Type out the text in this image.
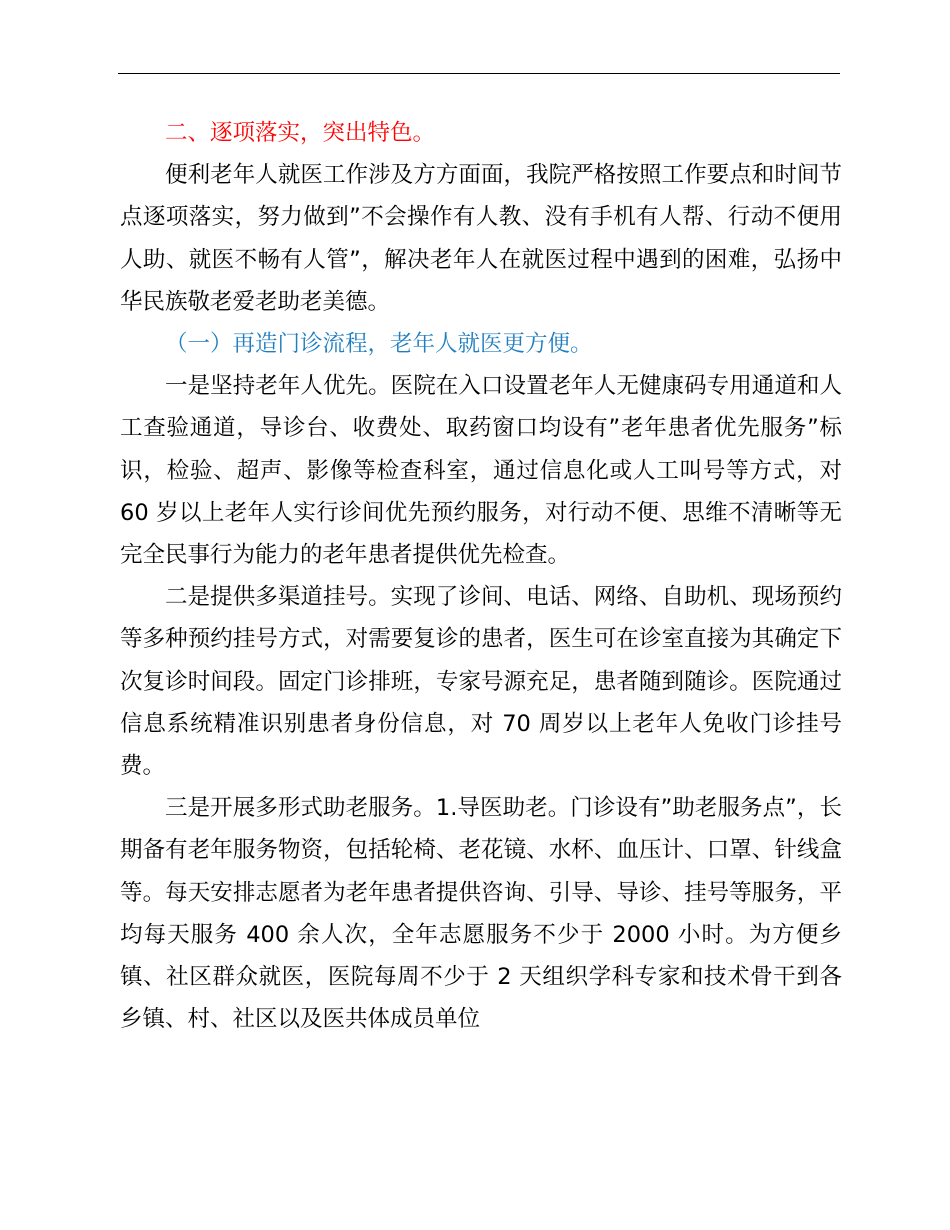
二、逐项落实，突出特色。

便利老年人就医工作涉及方方面面，我院严格按照工作要点和时间节点逐项落实，努力做到”不会操作有人教、没有手机有人帮、行动不便用人助、就医不畅有人管”，解决老年人在就医过程中遇到的困难，弘扬中华民族敬老爱老助老美德。

（一）再造门诊流程，老年人就医更方便。

一是坚持老年人优先。医院在入口设置老年人无健康码专用通道和人工查验通道，导诊台、收费处、取药窗口均设有”老年患者优先服务”标识，检验、超声、影像等检查科室，通过信息化或人工叫号等方式，对 60 岁以上老年人实行诊间优先预约服务，对行动不便、思维不清晰等无完全民事行为能力的老年患者提供优先检查。

二是提供多渠道挂号。实现了诊间、电话、网络、自助机、现场预约等多种预约挂号方式，对需要复诊的患者，医生可在诊室直接为其确定下次复诊时间段。固定门诊排班，专家号源充足，患者随到随诊。医院通过信息系统精准识别患者身份信息，对 70 周岁以上老年人免收门诊挂号费。

三是开展多形式助老服务。1.导医助老。门诊设有”助老服务点”，长期备有老年服务物资，包括轮椅、老花镜、水杯、血压计、口罩、针线盒等。每天安排志愿者为老年患者提供咨询、引导、导诊、挂号等服务，平均每天服务 400 余人次，全年志愿服务不少于 2000 小时。为方便乡镇、社区群众就医，医院每周不少于 2 天组织学科专家和技术骨干到各乡镇、村、社区以及医共体成员单位
